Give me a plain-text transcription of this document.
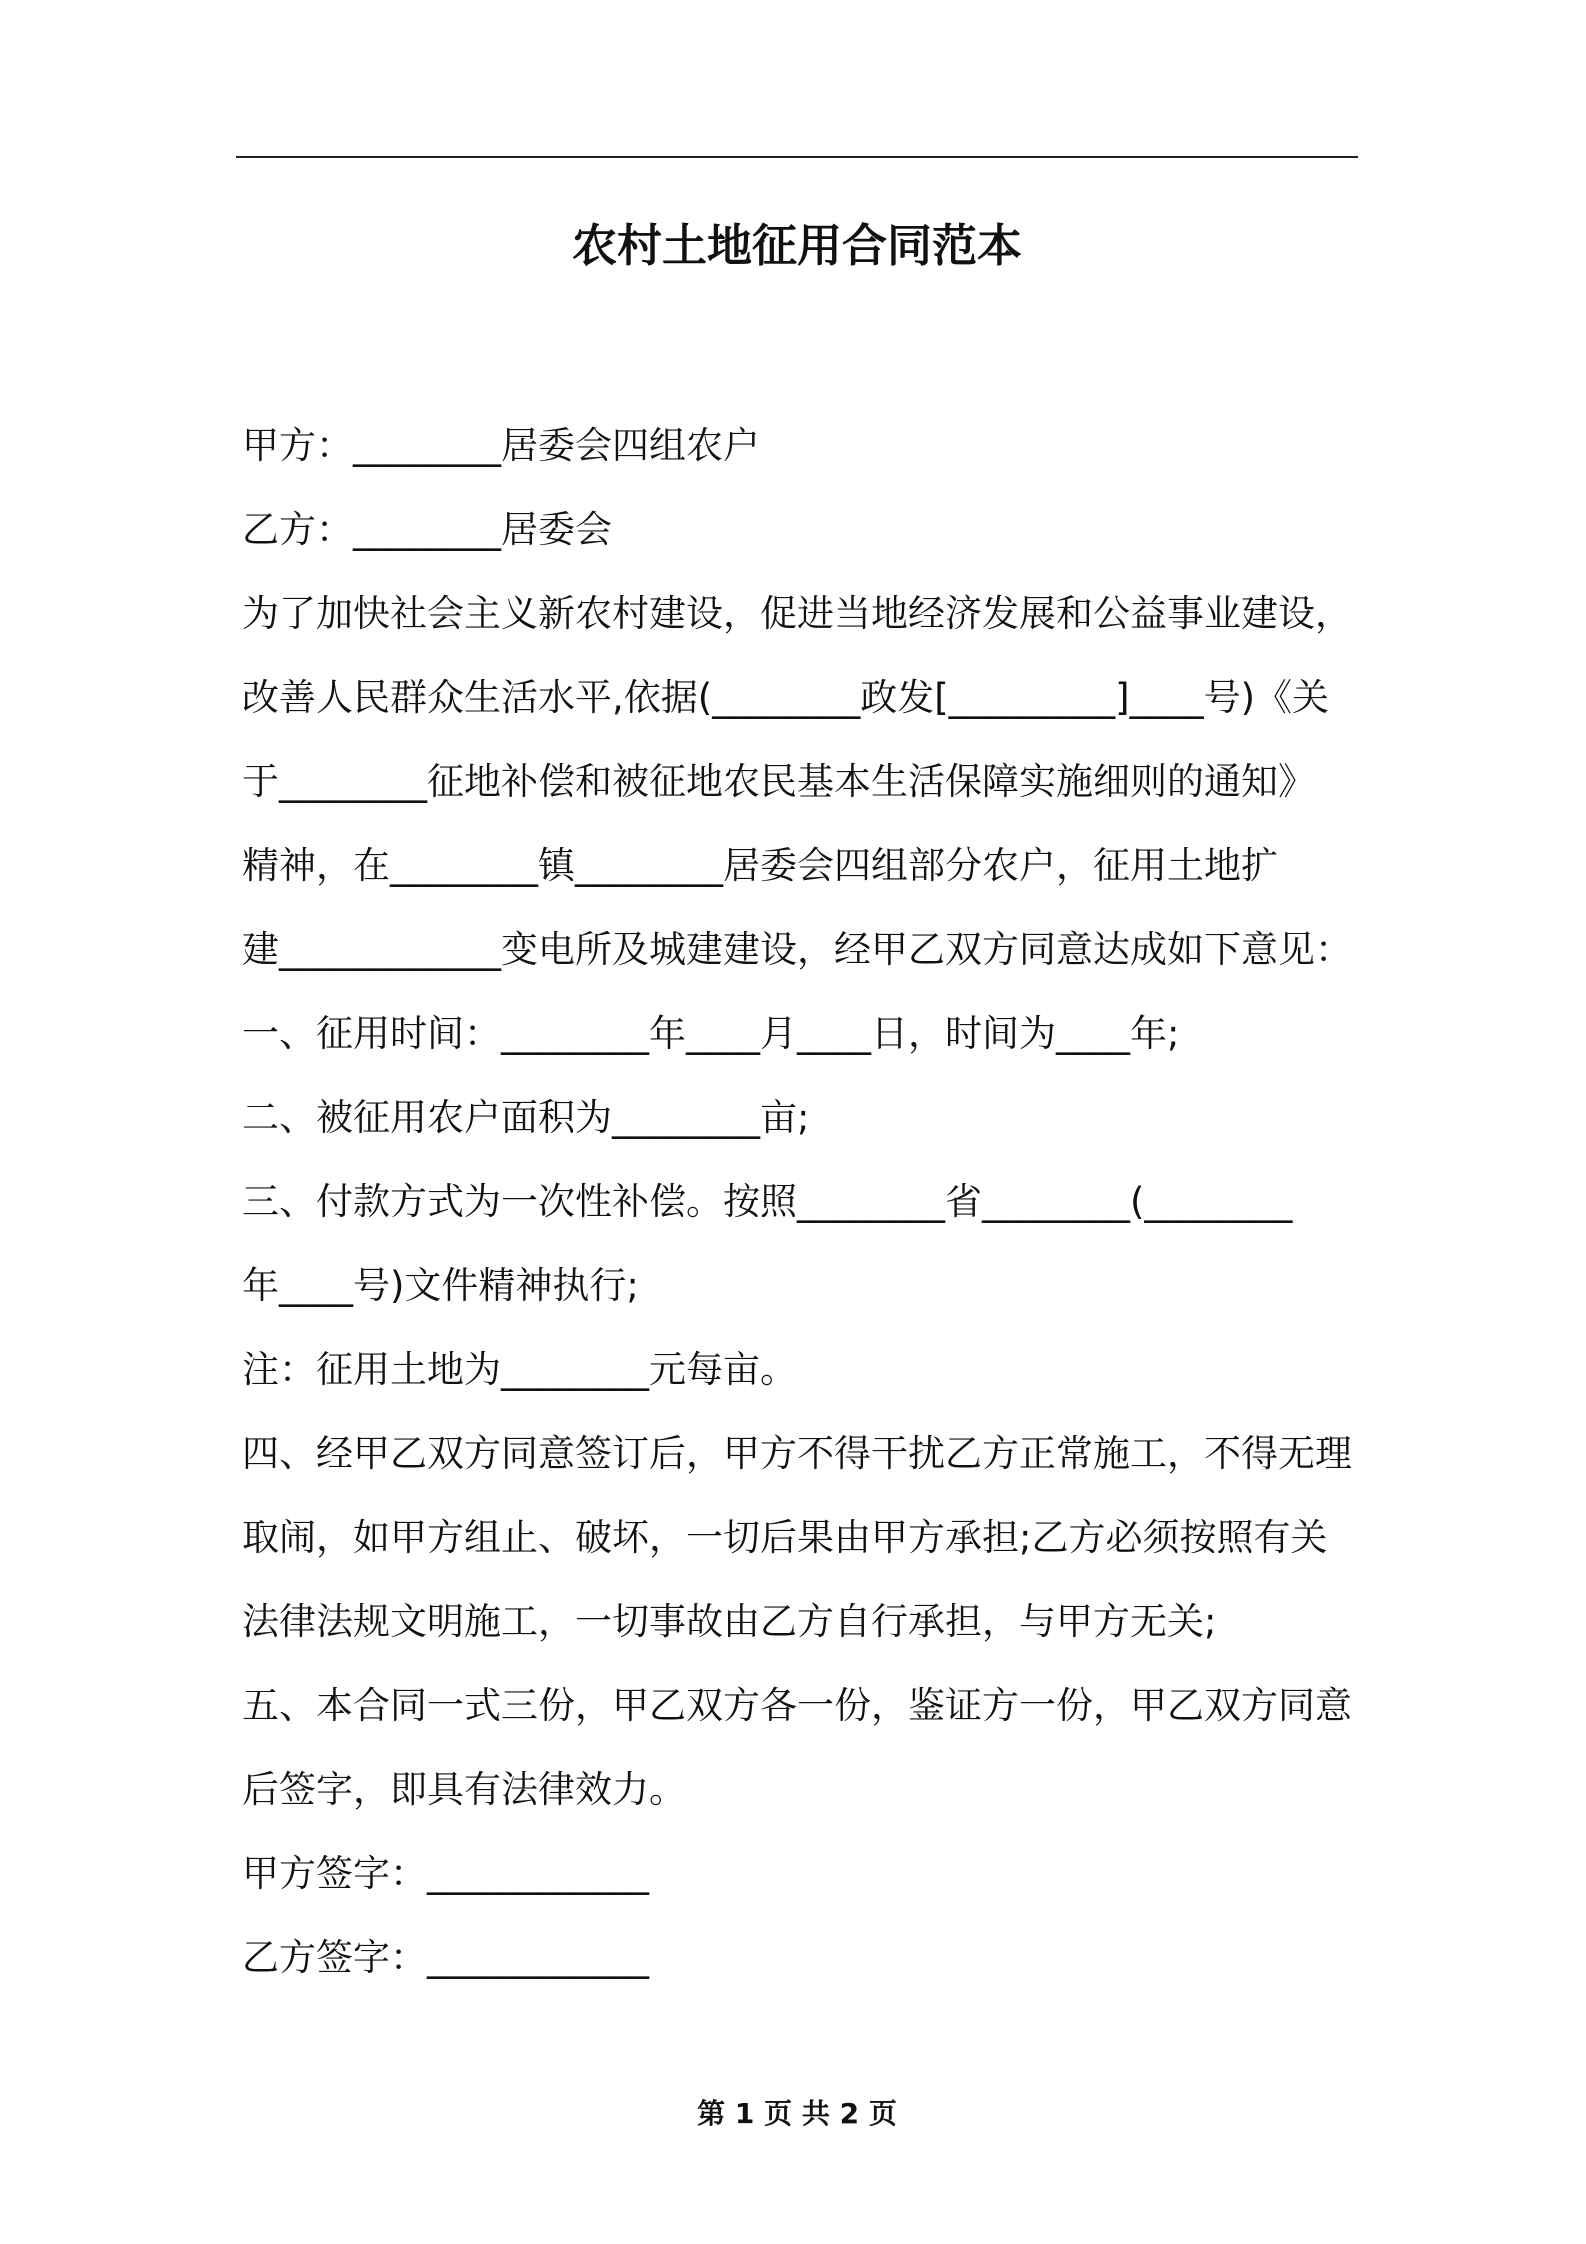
农村土地征用合同范本
甲方：________居委会四组农户
乙方：________居委会
为了加快社会主义新农村建设，促进当地经济发展和公益事业建设，
改善人民群众生活水平,依据(________政发[_________]____号)《关
于________征地补偿和被征地农民基本生活保障实施细则的通知》
精神，在________镇________居委会四组部分农户，征用土地扩
建____________变电所及城建建设，经甲乙双方同意达成如下意见：
一、征用时间：________年____月____日，时间为____年;
二、被征用农户面积为________亩;
三、付款方式为一次性补偿。按照________省________(________
年____号)文件精神执行;
注：征用土地为________元每亩。
四、经甲乙双方同意签订后，甲方不得干扰乙方正常施工，不得无理
取闹，如甲方组止、破坏，一切后果由甲方承担;乙方必须按照有关
法律法规文明施工，一切事故由乙方自行承担，与甲方无关;
五、本合同一式三份，甲乙双方各一份，鉴证方一份，甲乙双方同意
后签字，即具有法律效力。
甲方签字：____________
乙方签字：____________
第 1 页 共 2 页
